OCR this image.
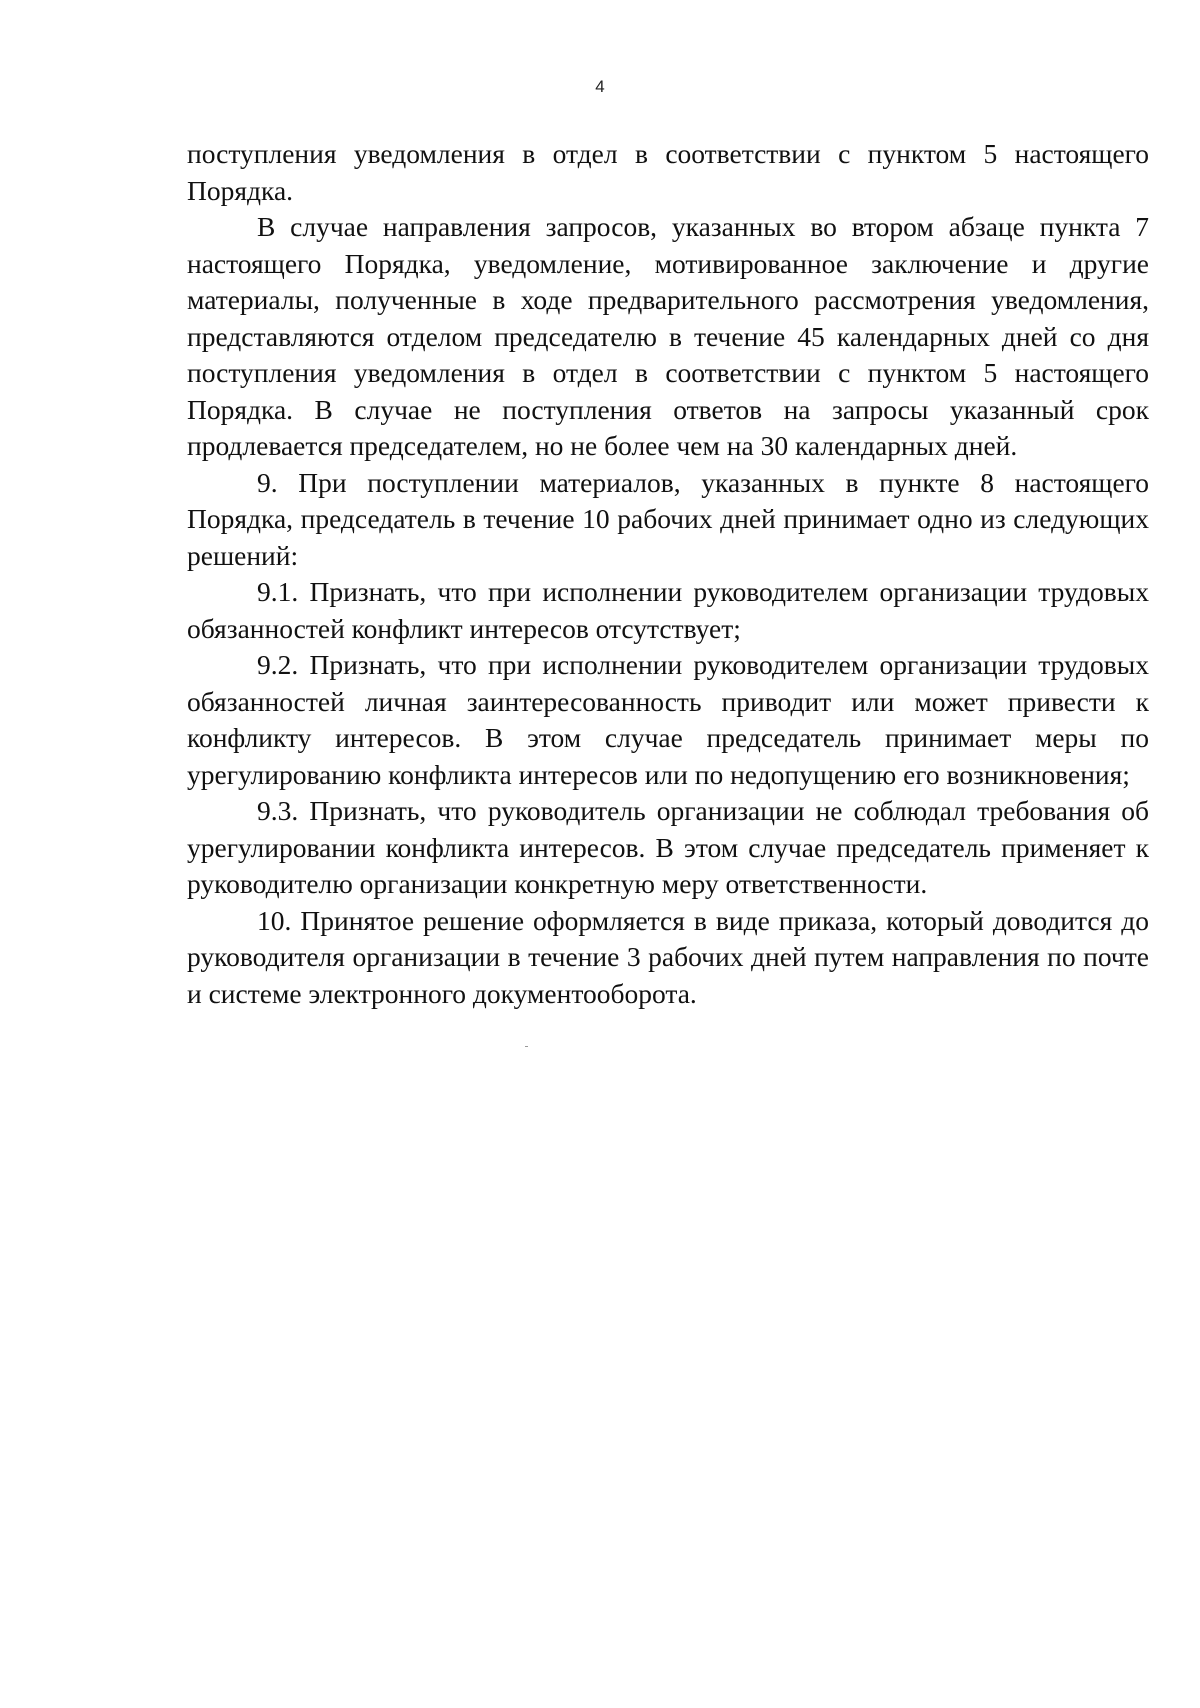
4

поступления уведомления в отдел в соответствии с пунктом 5 настоящего Порядка.

В случае направления запросов, указанных во втором абзаце пункта 7 настоящего Порядка, уведомление, мотивированное заключение и другие материалы, полученные в ходе предварительного рассмотрения уведомления, представляются отделом председателю в течение 45 календарных дней со дня поступления уведомления в отдел в соответствии с пунктом 5 настоящего Порядка. В случае не поступления ответов на запросы указанный срок продлевается председателем, но не более чем на 30 календарных дней.

9. При поступлении материалов, указанных в пункте 8 настоящего Порядка, председатель в течение 10 рабочих дней принимает одно из следующих решений:

9.1. Признать, что при исполнении руководителем организации трудовых обязанностей конфликт интересов отсутствует;

9.2. Признать, что при исполнении руководителем организации трудовых обязанностей личная заинтересованность приводит или может привести к конфликту интересов. В этом случае председатель принимает меры по урегулированию конфликта интересов или по недопущению его возникновения;

9.3. Признать, что руководитель организации не соблюдал требования об урегулировании конфликта интересов. В этом случае председатель применяет к руководителю организации конкретную меру ответственности.

10. Принятое решение оформляется в виде приказа, который доводится до руководителя организации в течение 3 рабочих дней путем направления по почте и системе электронного документооборота.
